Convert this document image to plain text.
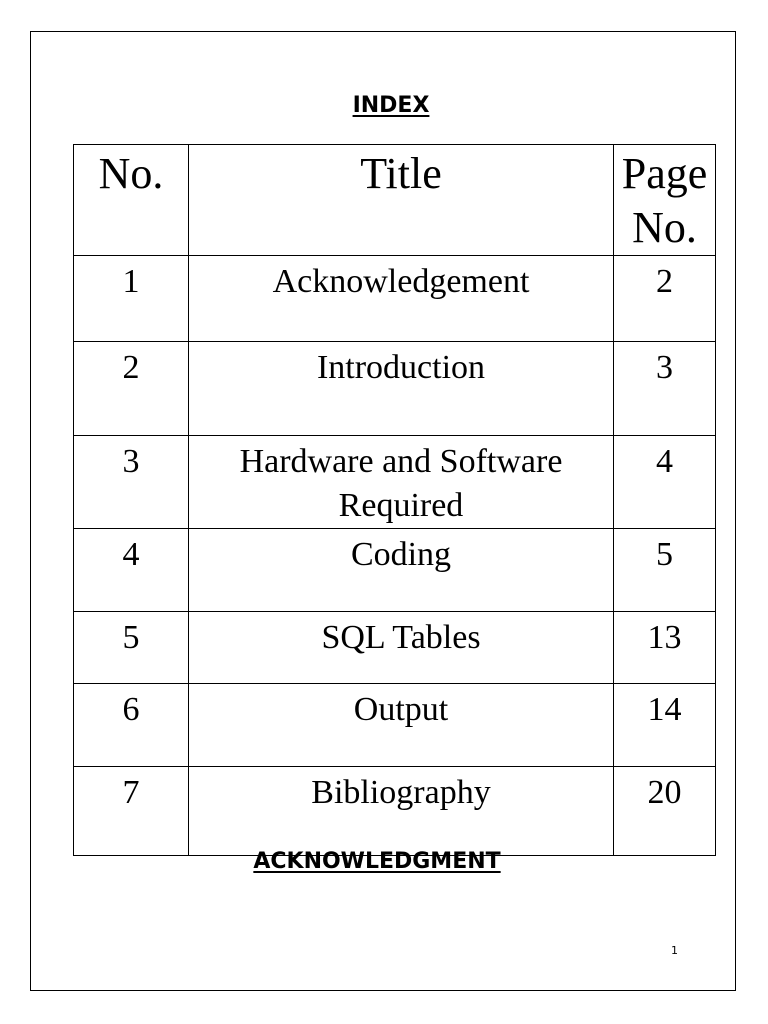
INDEX
No.	Title	Page No.
1	Acknowledgement	2
2	Introduction	3
3	Hardware and Software Required	4
4	Coding	5
5	SQL Tables	13
6	Output	14
7	Bibliography	20
ACKNOWLEDGMENT
1
